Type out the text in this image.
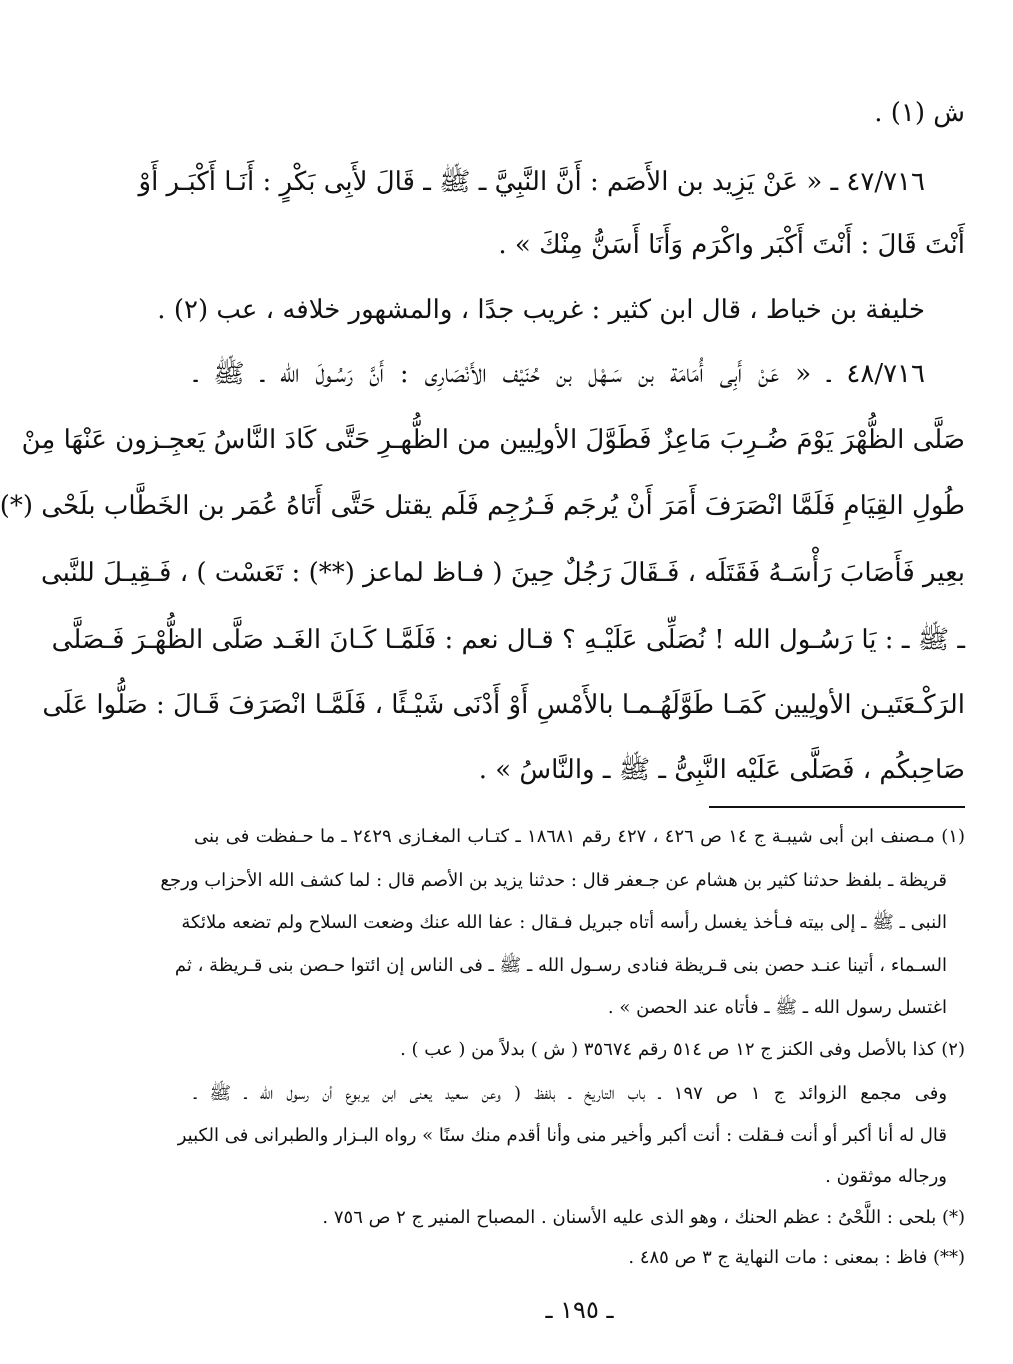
ش (١) .
٤٧/٧١٦ ـ « عَنْ يَزِيد بن الأَصَم : أَنَّ النَّبِيَّ ـ ﷺ ـ قَالَ لأَبِى بَكْرٍ : أَنَـا أَكْبَـر أَوْ
أَنْتَ قَالَ : أَنْتَ أَكْبَر واكْرَم وَأَنَا أَسَنُّ مِنْكَ » .
خليفة بن خياط ، قال ابن كثير : غريب جدًا ، والمشهور خلافه ، عب (٢) .
٤٨/٧١٦ ـ « عَنْ أَبِى أُمَامَة بن سَـهْل بن حُنَيْف الأَنْصَارِى : أَنَّ رَسُـولَ الله ـ ﷺ ـ
صَلَّى الظُّهْرَ يَوْمَ ضُـرِبَ مَاعِزٌ فَطَوَّلَ الأولِيين من الظُّهـرِ حَتَّى كَادَ النَّاسُ يَعجِـزون عَنْهَا مِنْ
طُولِ القِيَامِ فَلَمَّا انْصَرَفَ أَمَرَ أَنْ يُرجَم فَـرُجِم فَلَم يقتل حَتَّى أَتَاهُ عُمَر بن الخَطَّاب بلَحْى (*)
بعِير فَأَصَابَ رَأْسَـهُ فَقَتَلَه ، فَـقَالَ رَجُلٌ حِينَ ( فـاظ لماعز (**) : تَعَسْت ) ، فَـقِيـلَ للنَّبى
ـ ﷺ ـ : يَا رَسُـول الله ! نُصَلِّى عَلَيْـهِ ؟ قـال نعم : فَلَمَّـا كَـانَ الغَـد صَلَّى الظُّهْـرَ فَـصَلَّى
الرَكْـعَتَيـن الأولِيين كَمَـا طَوَّلَهُـمـا بالأَمْسِ أَوْ أَدْنَى شَيْـئًا ، فَلَمَّـا انْصَرَفَ قَـالَ : صَلُّوا عَلَى
صَاحِبكُم ، فَصَلَّى عَلَيْه النَّبِىُّ ـ ﷺ ـ والنَّاسُ » .
(١) مـصنف ابن أبى شيبـة ج ١٤ ص ٤٢٦ ، ٤٢٧ رقم ١٨٦٨١ ـ كتـاب المغـازى ٢٤٢٩ ـ ما حـفظت فى بنى
قريظة ـ بلفظ حدثنا كثير بن هشام عن جـعفر قال : حدثنا يزيد بن الأصم قال : لما كشف الله الأحزاب ورجع
النبى ـ ﷺ ـ إلى بيته فـأخذ يغسل رأسه أتاه جبريل فـقال : عفا الله عنك وضعت السلاح ولم تضعه ملائكة
السـماء ، أتينا عنـد حصن بنى قـريظة فنادى رسـول الله ـ ﷺ ـ فى الناس إن ائتوا حـصن بنى قـريظة ، ثم
اغتسل رسول الله ـ ﷺ ـ فأتاه عند الحصن » .
(٢) كذا بالأصل وفى الكنز ج ١٢ ص ٥١٤ رقم ٣٥٦٧٤ ( ش ) بدلاً من ( عب ) .
وفى مجمع الزوائد ج ١ ص ١٩٧ ـ باب التاريخ ـ بلفظ ( وعن سعيد يعنى ابن يربوع أن رسول الله ـ ﷺ ـ
قال له أنا أكبر أو أنت فـقلت : أنت أكبر وأخير منى وأنا أقدم منك سنًا » رواه البـزار والطبرانى فى الكبير
ورجاله موثقون .
(*) بلحى : اللَّحْىُ : عظم الحنك ، وهو الذى عليه الأسنان . المصباح المنير ج ٢ ص ٧٥٦ .
(**) فاظ : بمعنى : مات النهاية ج ٣ ص ٤٨٥ .
ـ ١٩٥ ـ
